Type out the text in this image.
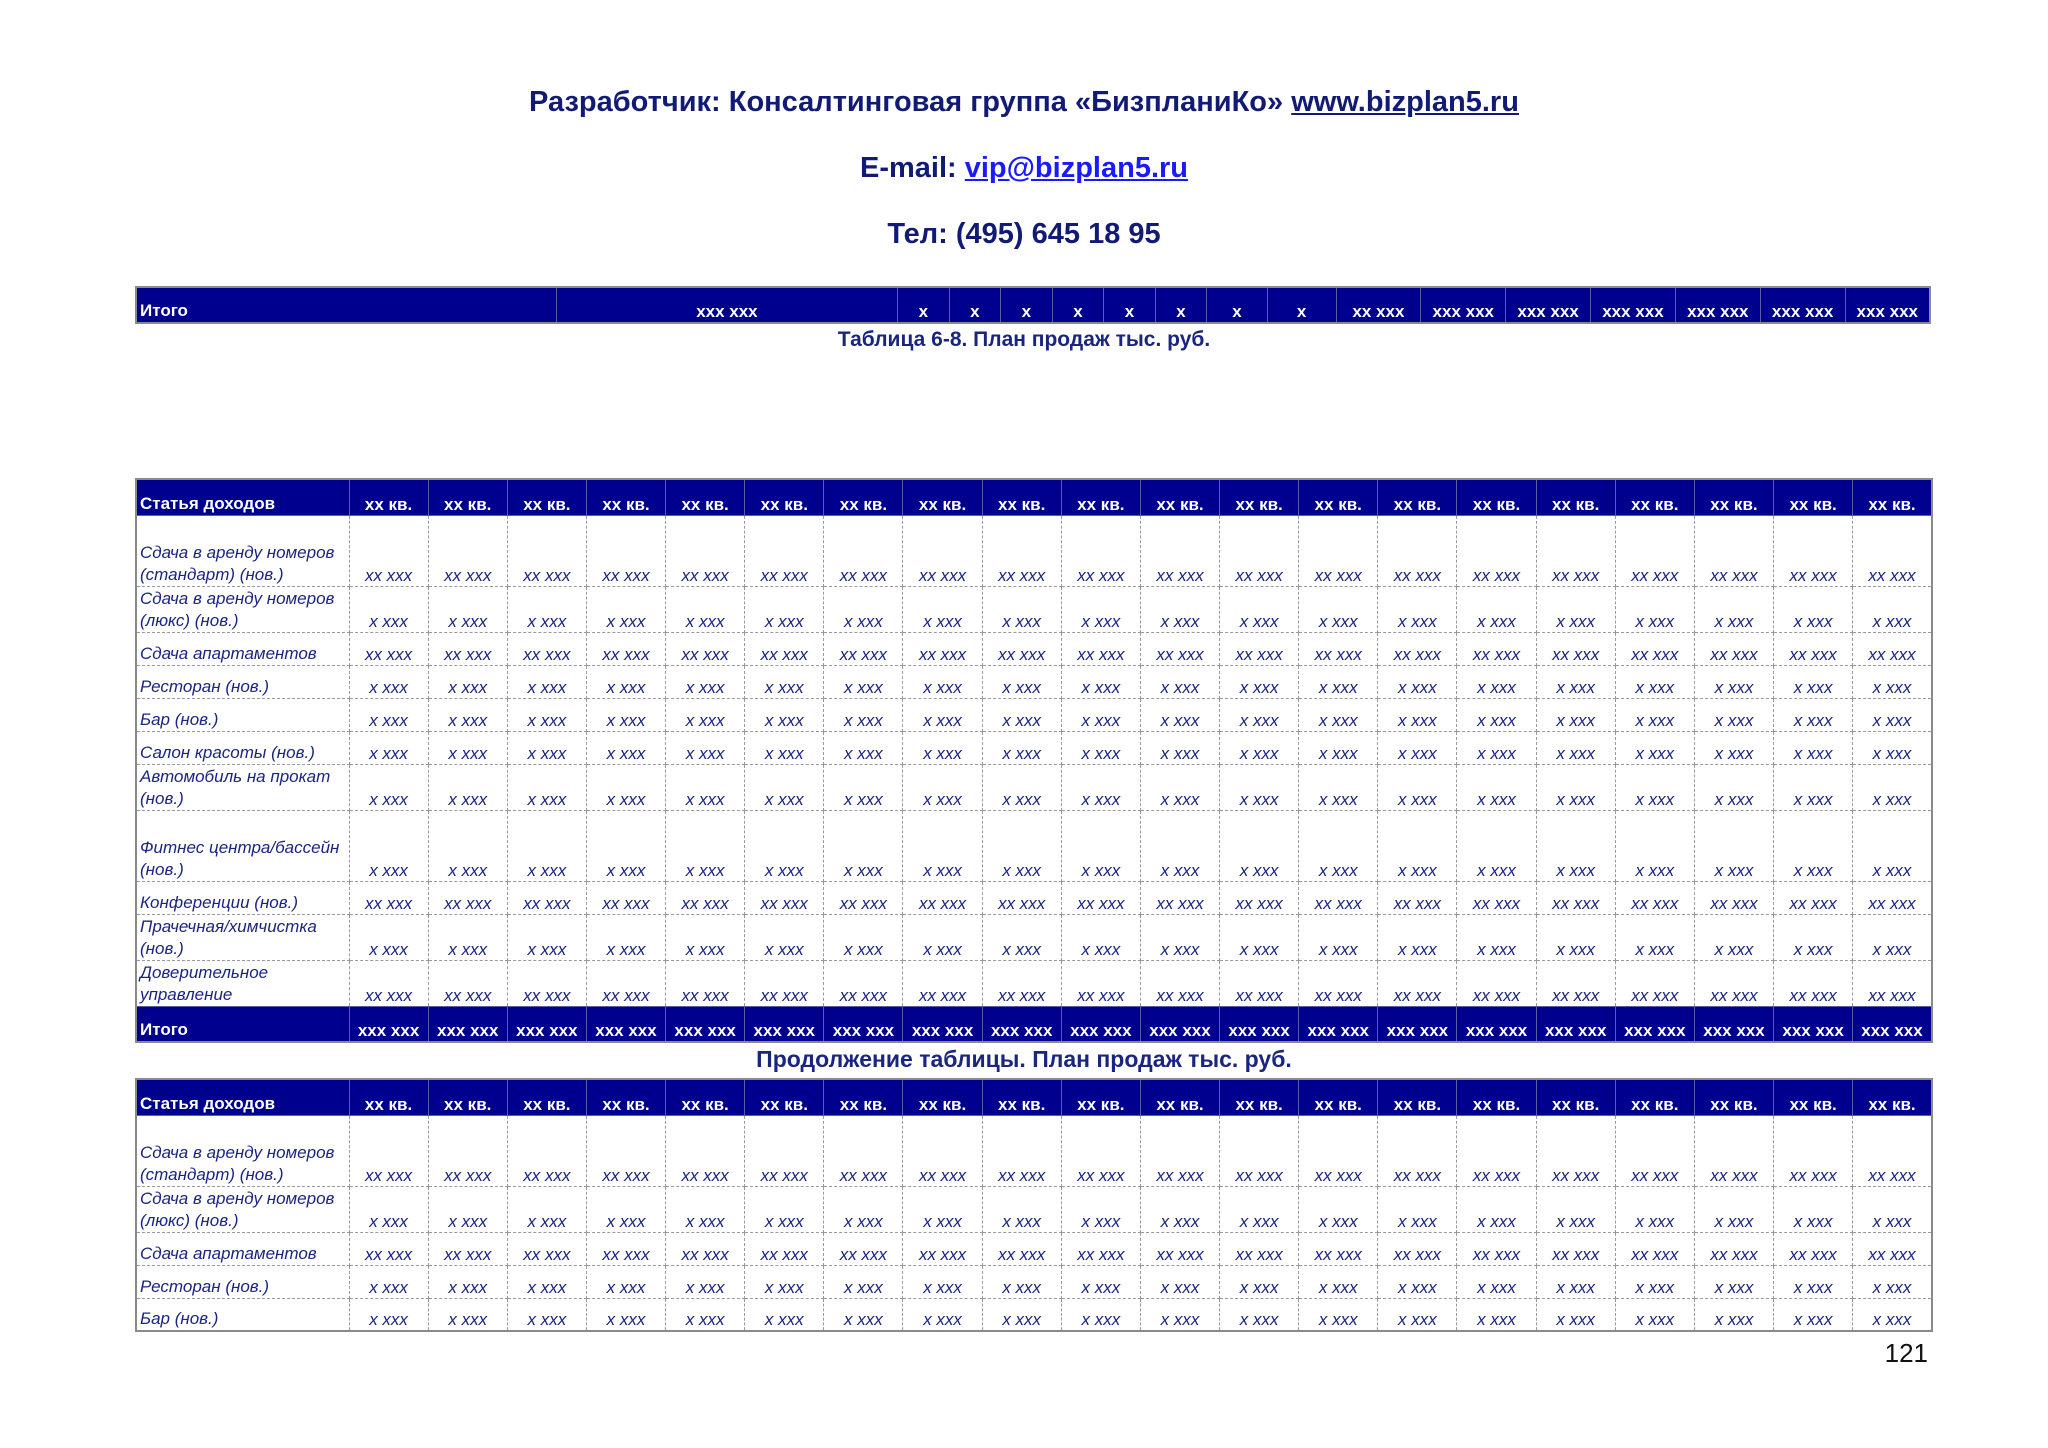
Разработчик: Консалтинговая группа «БизпланиКо» www.bizplan5.ru
E-mail: vip@bizplan5.ru
Тел: (495) 645 18 95
Итого	xxx xxx	x	x	x	x	x	x	x	x	xx xxx	xxx xxx	xxx xxx	xxx xxx	xxx xxx	xxx xxx	xxx xxx
Таблица 6-8. План продаж тыс. руб.
Статья доходов	xx кв.	xx кв.	xx кв.	xx кв.	xx кв.	xx кв.	xx кв.	xx кв.	xx кв.	xx кв.	xx кв.	xx кв.	xx кв.	xx кв.	xx кв.	xx кв.	xx кв.	xx кв.	xx кв.	xx кв.
Сдача в аренду номеров (стандарт) (нов.)	xx xxx	xx xxx	xx xxx	xx xxx	xx xxx	xx xxx	xx xxx	xx xxx	xx xxx	xx xxx	xx xxx	xx xxx	xx xxx	xx xxx	xx xxx	xx xxx	xx xxx	xx xxx	xx xxx	xx xxx
Сдача в аренду номеров (люкс) (нов.)	x xxx	x xxx	x xxx	x xxx	x xxx	x xxx	x xxx	x xxx	x xxx	x xxx	x xxx	x xxx	x xxx	x xxx	x xxx	x xxx	x xxx	x xxx	x xxx	x xxx
Сдача апартаментов	xx xxx	xx xxx	xx xxx	xx xxx	xx xxx	xx xxx	xx xxx	xx xxx	xx xxx	xx xxx	xx xxx	xx xxx	xx xxx	xx xxx	xx xxx	xx xxx	xx xxx	xx xxx	xx xxx	xx xxx
Ресторан (нов.)	x xxx	x xxx	x xxx	x xxx	x xxx	x xxx	x xxx	x xxx	x xxx	x xxx	x xxx	x xxx	x xxx	x xxx	x xxx	x xxx	x xxx	x xxx	x xxx	x xxx
Бар (нов.)	x xxx	x xxx	x xxx	x xxx	x xxx	x xxx	x xxx	x xxx	x xxx	x xxx	x xxx	x xxx	x xxx	x xxx	x xxx	x xxx	x xxx	x xxx	x xxx	x xxx
Салон красоты (нов.)	x xxx	x xxx	x xxx	x xxx	x xxx	x xxx	x xxx	x xxx	x xxx	x xxx	x xxx	x xxx	x xxx	x xxx	x xxx	x xxx	x xxx	x xxx	x xxx	x xxx
Автомобиль на прокат (нов.)	x xxx	x xxx	x xxx	x xxx	x xxx	x xxx	x xxx	x xxx	x xxx	x xxx	x xxx	x xxx	x xxx	x xxx	x xxx	x xxx	x xxx	x xxx	x xxx	x xxx
Фитнес центра/бассейн (нов.)	x xxx	x xxx	x xxx	x xxx	x xxx	x xxx	x xxx	x xxx	x xxx	x xxx	x xxx	x xxx	x xxx	x xxx	x xxx	x xxx	x xxx	x xxx	x xxx	x xxx
Конференции (нов.)	xx xxx	xx xxx	xx xxx	xx xxx	xx xxx	xx xxx	xx xxx	xx xxx	xx xxx	xx xxx	xx xxx	xx xxx	xx xxx	xx xxx	xx xxx	xx xxx	xx xxx	xx xxx	xx xxx	xx xxx
Прачечная/химчистка (нов.)	x xxx	x xxx	x xxx	x xxx	x xxx	x xxx	x xxx	x xxx	x xxx	x xxx	x xxx	x xxx	x xxx	x xxx	x xxx	x xxx	x xxx	x xxx	x xxx	x xxx
Доверительное управление	xx xxx	xx xxx	xx xxx	xx xxx	xx xxx	xx xxx	xx xxx	xx xxx	xx xxx	xx xxx	xx xxx	xx xxx	xx xxx	xx xxx	xx xxx	xx xxx	xx xxx	xx xxx	xx xxx	xx xxx
Итого	xxx xxx	xxx xxx	xxx xxx	xxx xxx	xxx xxx	xxx xxx	xxx xxx	xxx xxx	xxx xxx	xxx xxx	xxx xxx	xxx xxx	xxx xxx	xxx xxx	xxx xxx	xxx xxx	xxx xxx	xxx xxx	xxx xxx	xxx xxx
Продолжение таблицы. План продаж тыс. руб.
Статья доходов	xx кв.	xx кв.	xx кв.	xx кв.	xx кв.	xx кв.	xx кв.	xx кв.	xx кв.	xx кв.	xx кв.	xx кв.	xx кв.	xx кв.	xx кв.	xx кв.	xx кв.	xx кв.	xx кв.	xx кв.
Сдача в аренду номеров (стандарт) (нов.)	xx xxx	xx xxx	xx xxx	xx xxx	xx xxx	xx xxx	xx xxx	xx xxx	xx xxx	xx xxx	xx xxx	xx xxx	xx xxx	xx xxx	xx xxx	xx xxx	xx xxx	xx xxx	xx xxx	xx xxx
Сдача в аренду номеров (люкс) (нов.)	x xxx	x xxx	x xxx	x xxx	x xxx	x xxx	x xxx	x xxx	x xxx	x xxx	x xxx	x xxx	x xxx	x xxx	x xxx	x xxx	x xxx	x xxx	x xxx	x xxx
Сдача апартаментов	xx xxx	xx xxx	xx xxx	xx xxx	xx xxx	xx xxx	xx xxx	xx xxx	xx xxx	xx xxx	xx xxx	xx xxx	xx xxx	xx xxx	xx xxx	xx xxx	xx xxx	xx xxx	xx xxx	xx xxx
Ресторан (нов.)	x xxx	x xxx	x xxx	x xxx	x xxx	x xxx	x xxx	x xxx	x xxx	x xxx	x xxx	x xxx	x xxx	x xxx	x xxx	x xxx	x xxx	x xxx	x xxx	x xxx
Бар (нов.)	x xxx	x xxx	x xxx	x xxx	x xxx	x xxx	x xxx	x xxx	x xxx	x xxx	x xxx	x xxx	x xxx	x xxx	x xxx	x xxx	x xxx	x xxx	x xxx	x xxx
121
